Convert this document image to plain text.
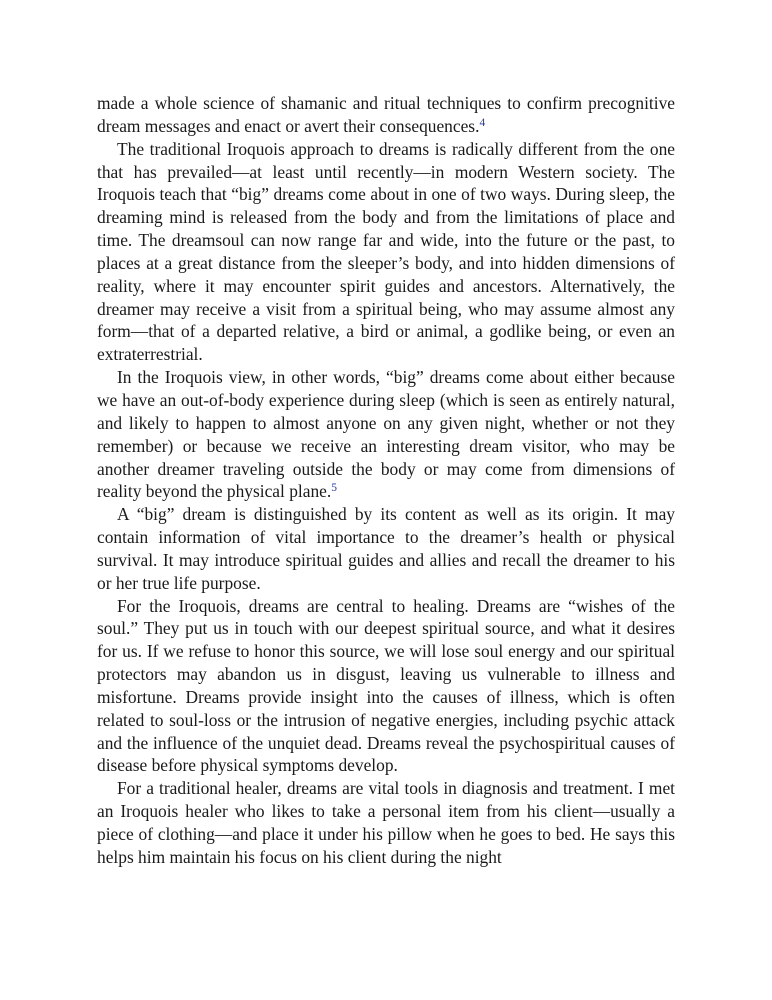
made a whole science of shamanic and ritual techniques to confirm precognitive dream messages and enact or avert their consequences.$^4$

The traditional Iroquois approach to dreams is radically different from the one that has prevailed—at least until recently—in modern Western society. The Iroquois teach that “big” dreams come about in one of two ways. During sleep, the dreaming mind is released from the body and from the limitations of place and time. The dreamsoul can now range far and wide, into the future or the past, to places at a great distance from the sleeper’s body, and into hidden dimensions of reality, where it may encounter spirit guides and ancestors. Alternatively, the dreamer may receive a visit from a spiritual being, who may assume almost any form—that of a departed relative, a bird or animal, a godlike being, or even an extraterrestrial.

In the Iroquois view, in other words, “big” dreams come about either because we have an out-of-body experience during sleep (which is seen as entirely natural, and likely to happen to almost anyone on any given night, whether or not they remember) or because we receive an interesting dream visitor, who may be another dreamer traveling outside the body or may come from dimensions of reality beyond the physical plane.$^5$

A “big” dream is distinguished by its content as well as its origin. It may contain information of vital importance to the dreamer’s health or physical survival. It may introduce spiritual guides and allies and recall the dreamer to his or her true life purpose.

For the Iroquois, dreams are central to healing. Dreams are “wishes of the soul.” They put us in touch with our deepest spiritual source, and what it desires for us. If we refuse to honor this source, we will lose soul energy and our spiritual protectors may abandon us in disgust, leaving us vulnerable to illness and misfortune. Dreams provide insight into the causes of illness, which is often related to soul-loss or the intrusion of negative energies, including psychic attack and the influence of the unquiet dead. Dreams reveal the psychospiritual causes of disease before physical symptoms develop.

For a traditional healer, dreams are vital tools in diagnosis and treatment. I met an Iroquois healer who likes to take a personal item from his client—usually a piece of clothing—and place it under his pillow when he goes to bed. He says this helps him maintain his focus on his client during the night
